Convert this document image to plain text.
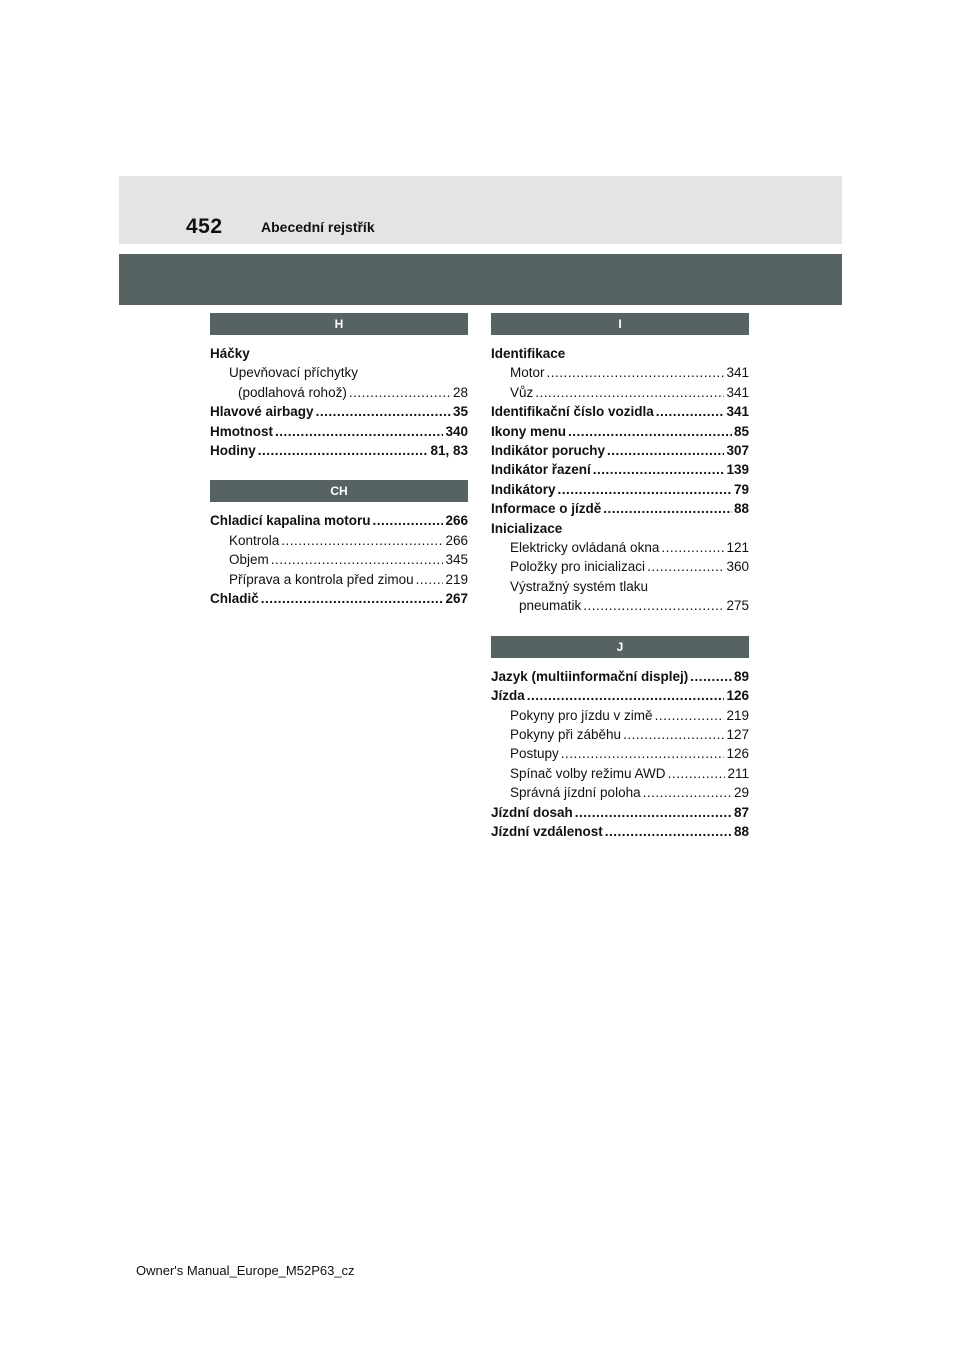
452	Abecední rejstřík
H
Háčky
Upevňovací příchytky
(podlahová rohož) .....	28
Hlavové airbagy .....	35
Hmotnost .....	340
Hodiny .....	81, 83
CH
Chladicí kapalina motoru .....	266
Kontrola .....	266
Objem .....	345
Příprava a kontrola před zimou ..... 219
Chladič .....	267
I
Identifikace
Motor .....	341
Vůz .....	341
Identifikační číslo vozidla .....	341
Ikony menu .....	85
Indikátor poruchy .....	307
Indikátor řazení .....	139
Indikátory .....	79
Informace o jízdě .....	88
Inicializace
Elektricky ovládaná okna .....	121
Položky pro inicializaci .....	360
Výstražný systém tlaku
pneumatik .....	275
J
Jazyk (multiinformační displej) .....	89
Jízda .....	126
Pokyny pro jízdu v zimě .....	219
Pokyny při záběhu .....	127
Postupy .....	126
Spínač volby režimu AWD .....	211
Správná jízdní poloha .....	29
Jízdní dosah .....	87
Jízdní vzdálenost .....	88
Owner's Manual_Europe_M52P63_cz
